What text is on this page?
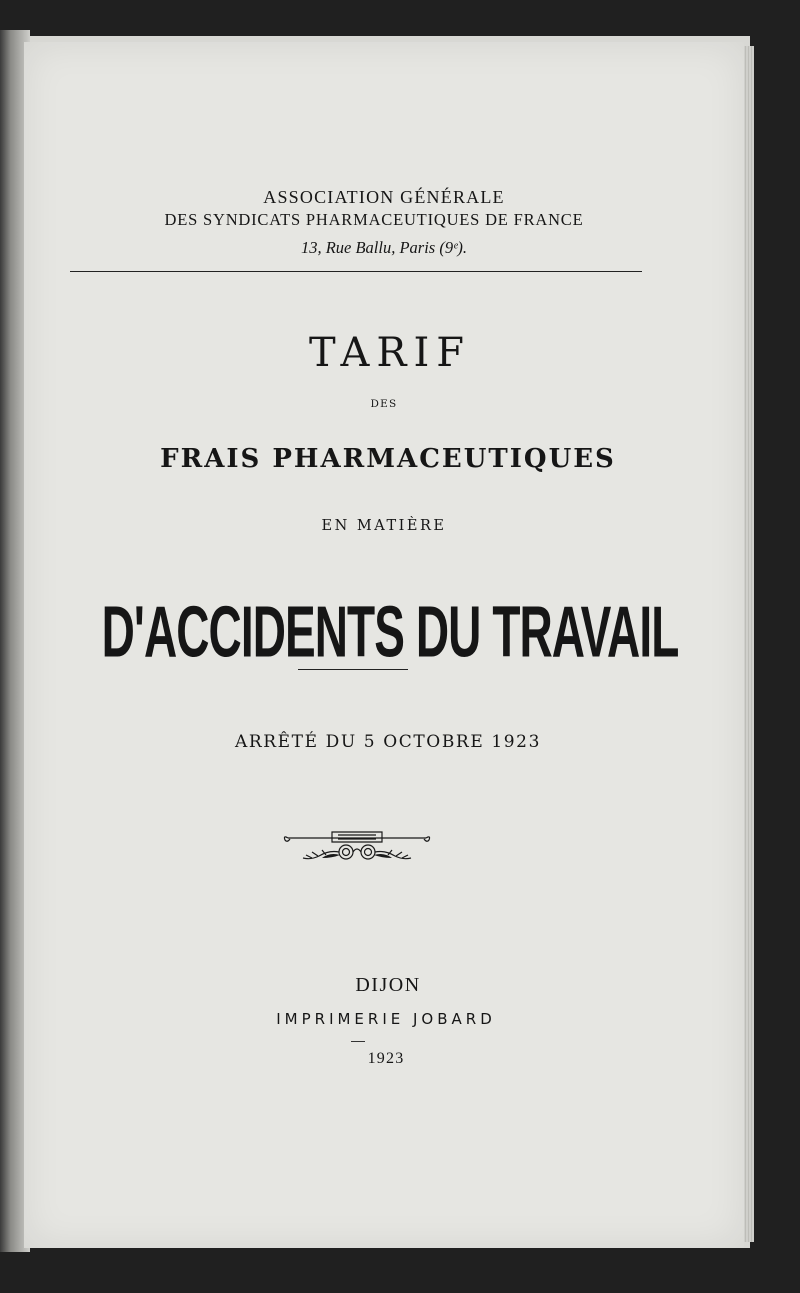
ASSOCIATION GÉNÉRALE

DES SYNDICATS PHARMACEUTIQUES DE FRANCE

13, Rue Ballu, Paris (9ᵉ).

TARIF

DES

FRAIS PHARMACEUTIQUES

EN MATIÈRE

D'ACCIDENTS DU TRAVAIL

ARRÊTÉ DU 5 OCTOBRE 1923

DIJON

IMPRIMERIE JOBARD

1923
